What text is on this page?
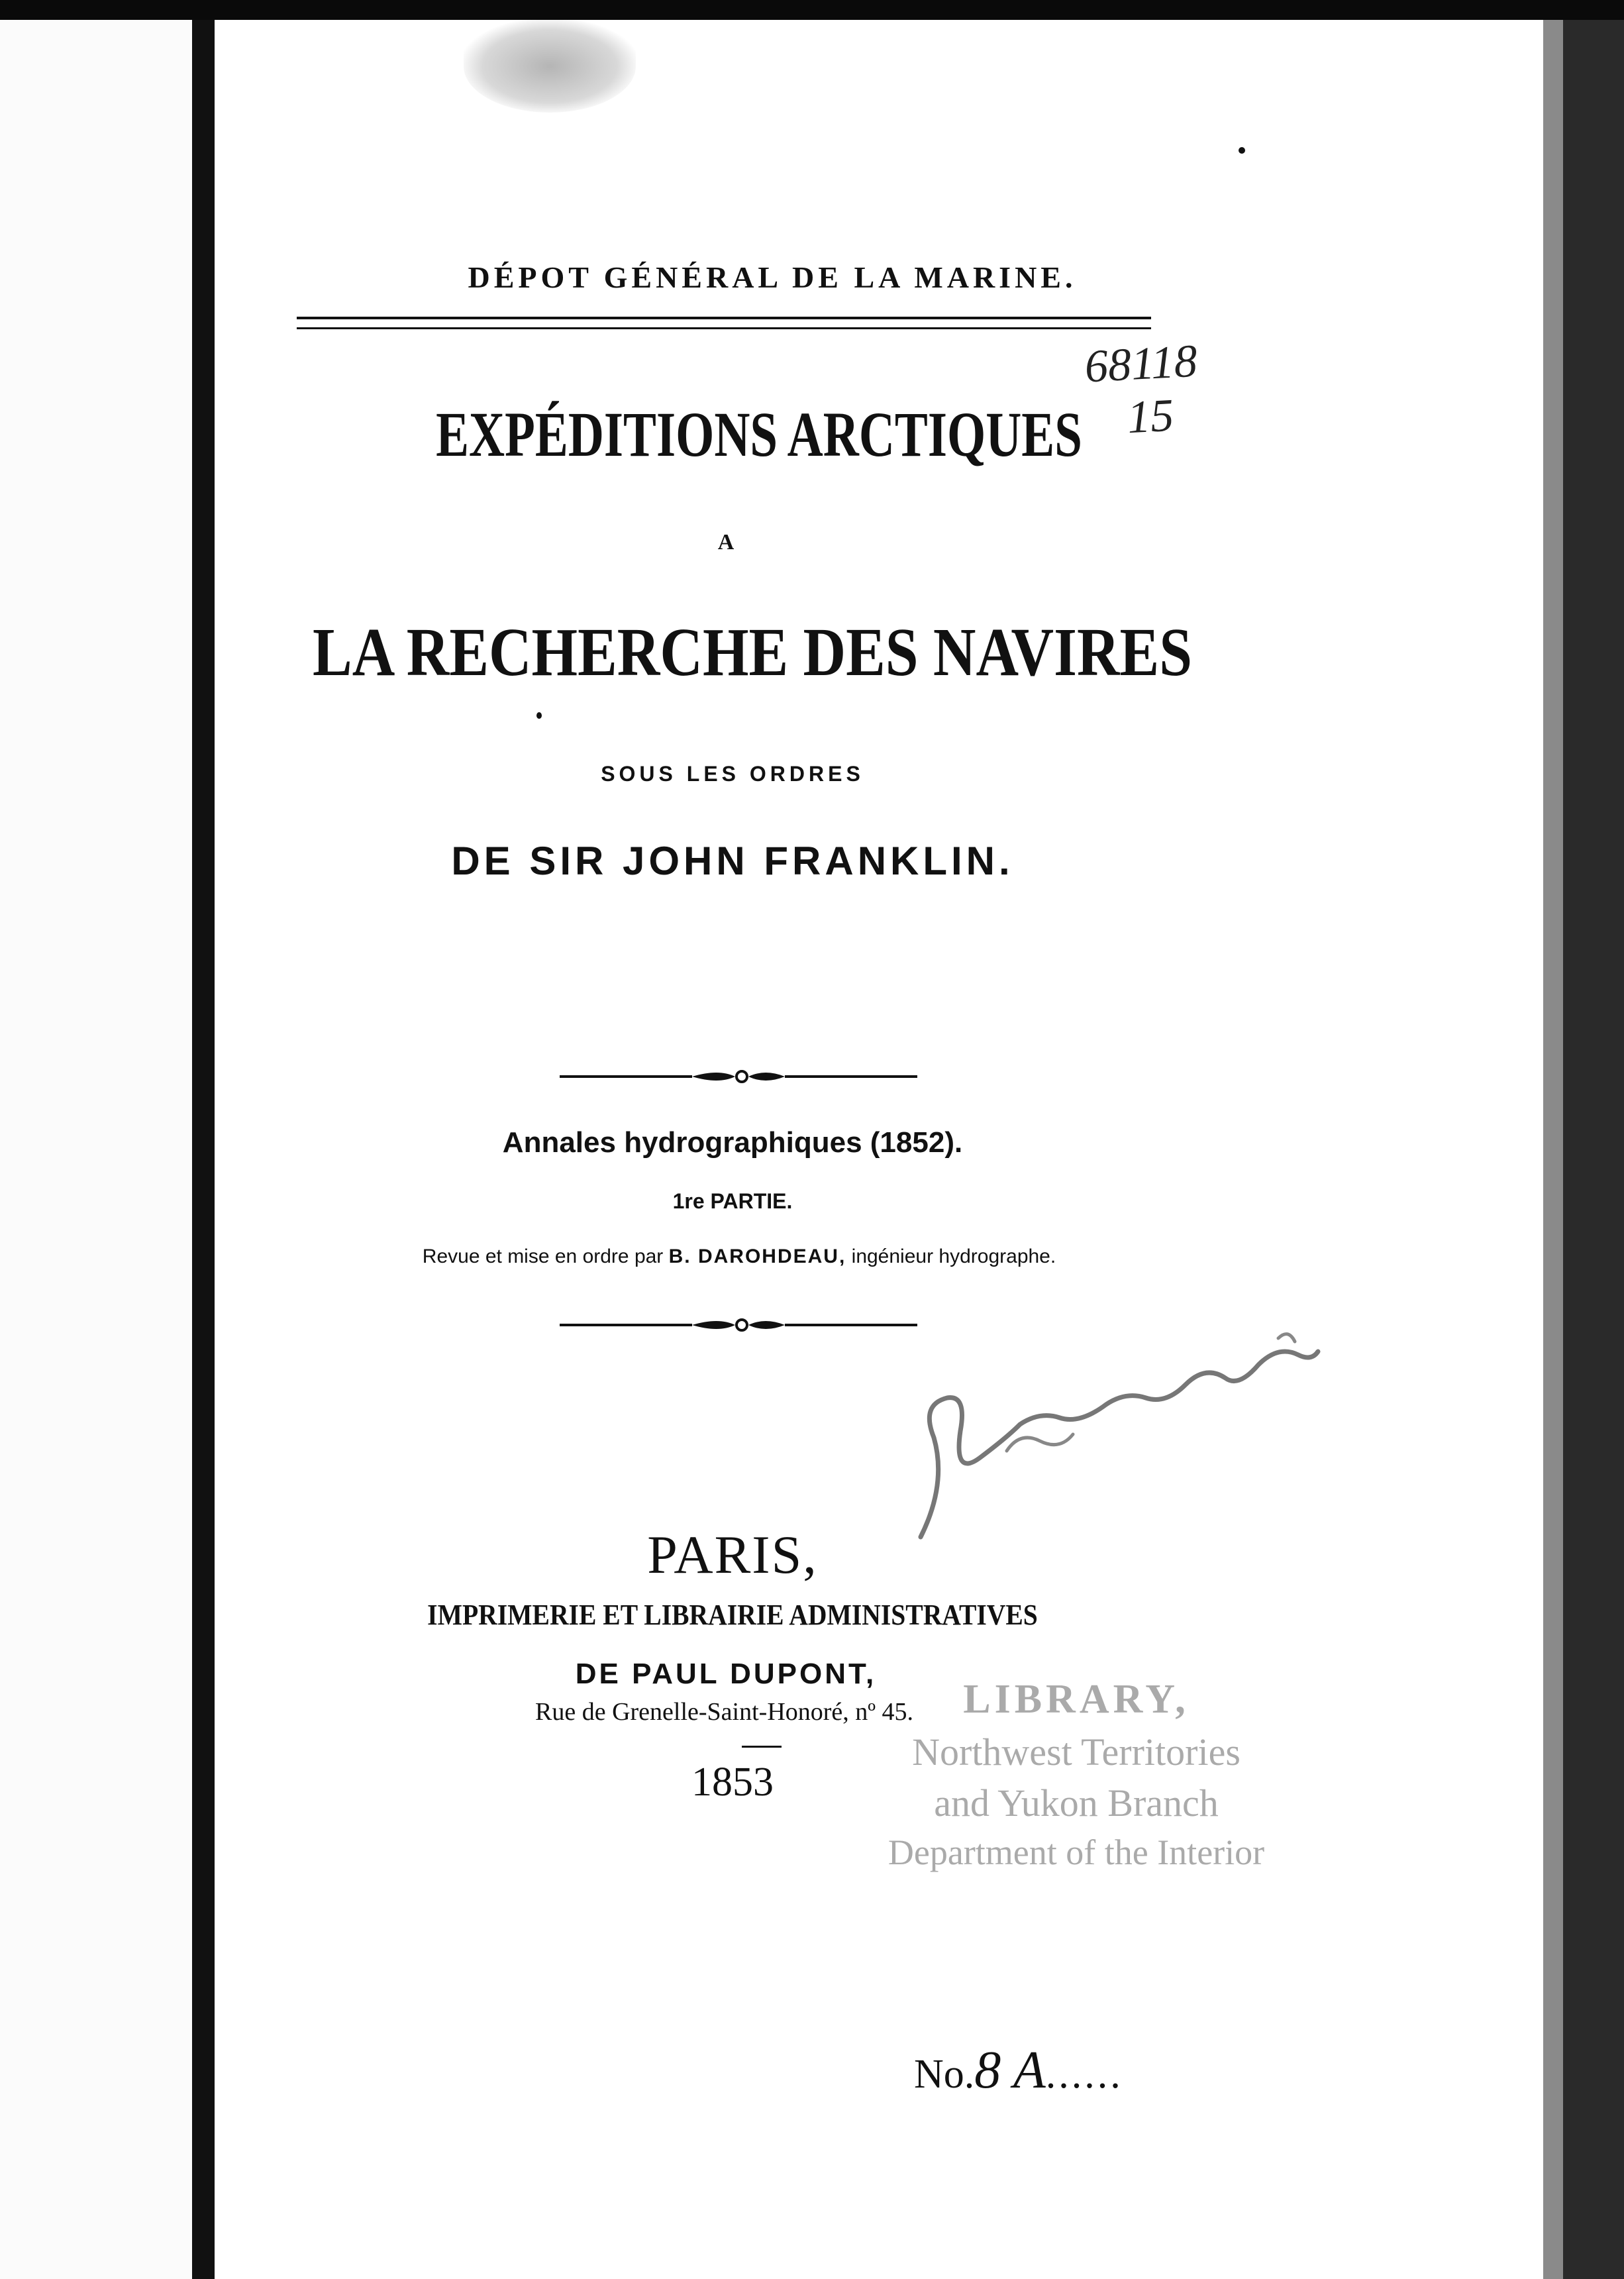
DÉPOT GÉNÉRAL DE LA MARINE.
68118
15
EXPÉDITIONS ARCTIQUES
A
LA RECHERCHE DES NAVIRES
SOUS LES ORDRES
DE SIR JOHN FRANKLIN.
Annales hydrographiques (1852).
1re PARTIE.
Revue et mise en ordre par B. DAROHDEAU, ingénieur hydrographe.
PARIS,
IMPRIMERIE ET LIBRAIRIE ADMINISTRATIVES
DE PAUL DUPONT,
Rue de Grenelle-Saint-Honoré, nº 45.
1853
LIBRARY,
Northwest Territories
and Yukon Branch
Department of the Interior
No.8 A......
